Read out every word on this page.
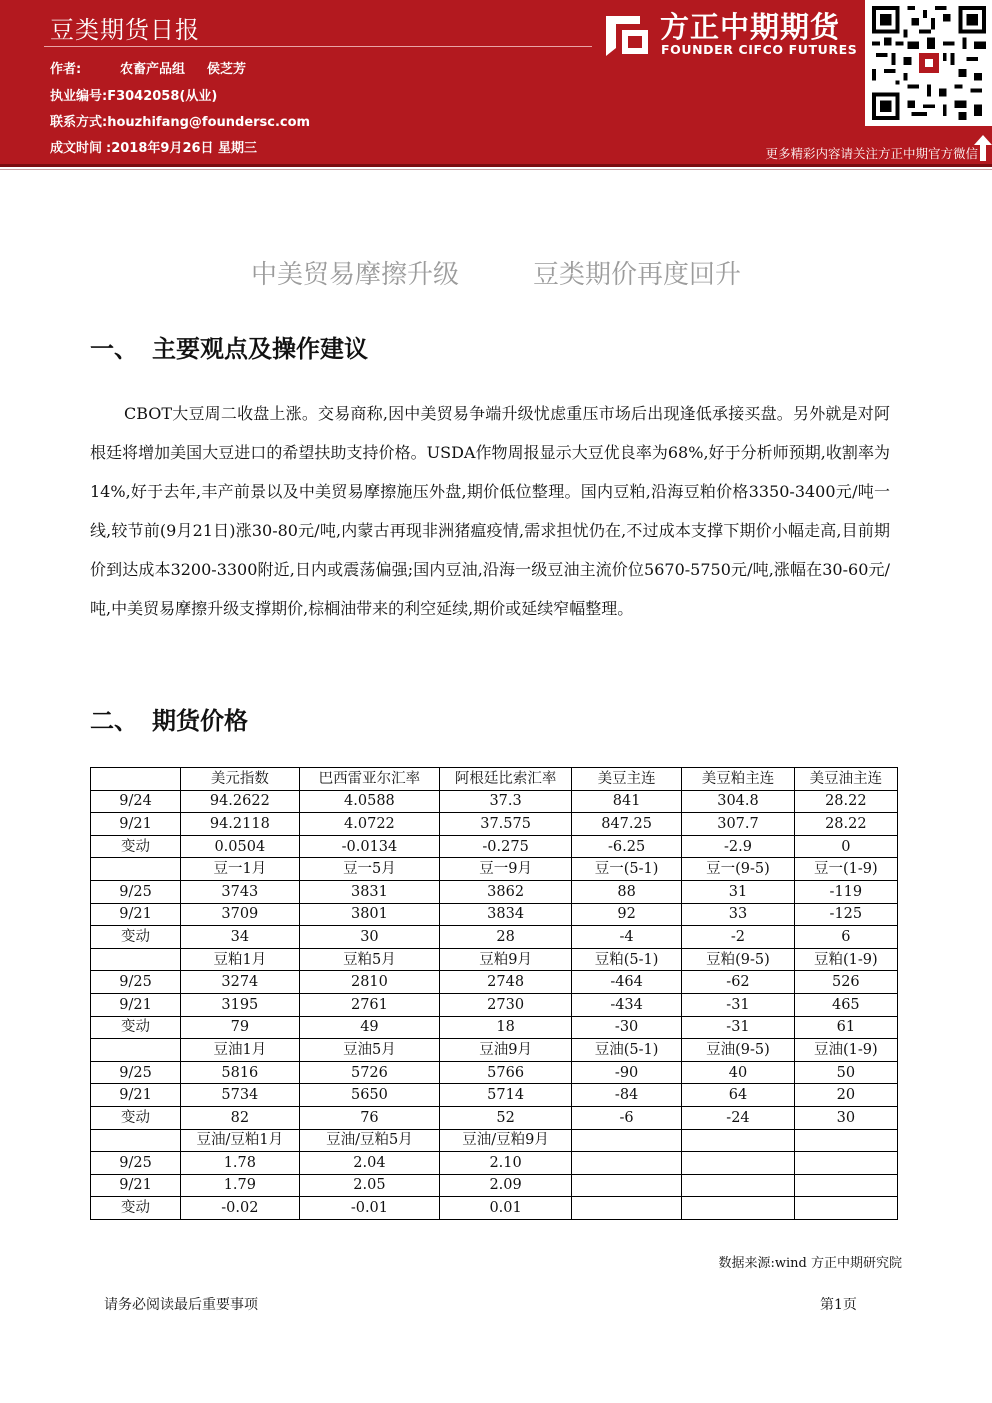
豆类期货日报
作者:	农畜产品组 侯芝芳
执业编号:F3042058(从业)
联系方式:houzhifang@foundersc.com
成文时间 :2018年9月26日 星期三
方正中期期货
FOUNDER CIFCO FUTURES
更多精彩内容请关注方正中期官方微信
中美贸易摩擦升级	豆类期价再度回升
一、 主要观点及操作建议
CBOT大豆周二收盘上涨。交易商称,因中美贸易争端升级忧虑重压市场后出现逢低承接买盘。另外就是对阿根廷将增加美国大豆进口的希望扶助支持价格。USDA作物周报显示大豆优良率为68%,好于分析师预期,收割率为14%,好于去年,丰产前景以及中美贸易摩擦施压外盘,期价低位整理。国内豆粕,沿海豆粕价格3350-3400元/吨一线,较节前(9月21日)涨30-80元/吨,内蒙古再现非洲猪瘟疫情,需求担忧仍在,不过成本支撑下期价小幅走高,目前期价到达成本3200-3300附近,日内或震荡偏强;国内豆油,沿海一级豆油主流价位5670-5750元/吨,涨幅在30-60元/吨,中美贸易摩擦升级支撑期价,棕榈油带来的利空延续,期价或延续窄幅整理。
二、 期货价格
	美元指数	巴西雷亚尔汇率	阿根廷比索汇率	美豆主连	美豆粕主连	美豆油主连
9/24	94.2622	4.0588	37.3	841	304.8	28.22
9/21	94.2118	4.0722	37.575	847.25	307.7	28.22
变动	0.0504	-0.0134	-0.275	-6.25	-2.9	0
	豆一1月	豆一5月	豆一9月	豆一(5-1)	豆一(9-5)	豆一(1-9)
9/25	3743	3831	3862	88	31	-119
9/21	3709	3801	3834	92	33	-125
变动	34	30	28	-4	-2	6
	豆粕1月	豆粕5月	豆粕9月	豆粕(5-1)	豆粕(9-5)	豆粕(1-9)
9/25	3274	2810	2748	-464	-62	526
9/21	3195	2761	2730	-434	-31	465
变动	79	49	18	-30	-31	61
	豆油1月	豆油5月	豆油9月	豆油(5-1)	豆油(9-5)	豆油(1-9)
9/25	5816	5726	5766	-90	40	50
9/21	5734	5650	5714	-84	64	20
变动	82	76	52	-6	-24	30
	豆油/豆粕1月	豆油/豆粕5月	豆油/豆粕9月			
9/25	1.78	2.04	2.10			
9/21	1.79	2.05	2.09			
变动	-0.02	-0.01	0.01			
数据来源:wind 方正中期研究院
请务必阅读最后重要事项	第1页
